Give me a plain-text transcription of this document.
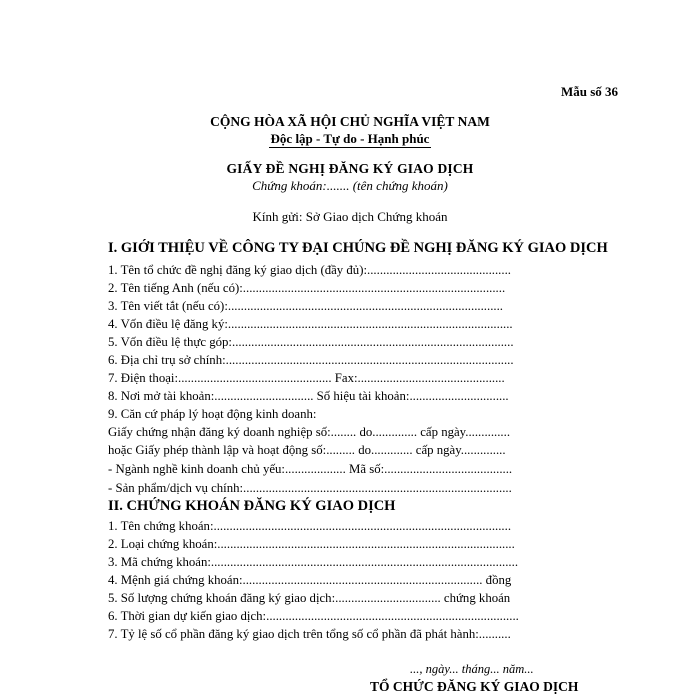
Mẫu số 36
CỘNG HÒA XÃ HỘI CHỦ NGHĨA VIỆT NAM
Độc lập - Tự do - Hạnh phúc
GIẤY ĐỀ NGHỊ ĐĂNG KÝ GIAO DỊCH
Chứng khoán:....... (tên chứng khoán)
Kính gửi: Sở Giao dịch Chứng khoán
I. GIỚI THIỆU VỀ CÔNG TY ĐẠI CHÚNG ĐỀ NGHỊ ĐĂNG KÝ GIAO DỊCH
1. Tên tổ chức đề nghị đăng ký giao dịch (đầy đủ):.............................................
2. Tên tiếng Anh (nếu có):..................................................................................
3. Tên viết tắt (nếu có):......................................................................................
4. Vốn điều lệ đăng ký:.........................................................................................
5. Vốn điều lệ thực góp:........................................................................................
6. Địa chỉ trụ sở chính:..........................................................................................
7. Điện thoại:................................................ Fax:..............................................
8. Nơi mở tài khoản:............................... Số hiệu tài khoản:...............................
9. Căn cứ pháp lý hoạt động kinh doanh:
Giấy chứng nhận đăng ký doanh nghiệp số:........ do.............. cấp ngày..............
hoặc Giấy phép thành lập và hoạt động số:......... do............. cấp ngày..............
- Ngành nghề kinh doanh chủ yếu:................... Mã số:........................................
- Sản phẩm/dịch vụ chính:....................................................................................
II. CHỨNG KHOÁN ĐĂNG KÝ GIAO DỊCH
1. Tên chứng khoán:.............................................................................................
2. Loại chứng khoán:.............................................................................................
3. Mã chứng khoán:................................................................................................
4. Mệnh giá chứng khoán:........................................................................... đồng
5. Số lượng chứng khoán đăng ký giao dịch:................................. chứng khoán
6. Thời gian dự kiến giao dịch:...............................................................................
7. Tỷ lệ số cổ phần đăng ký giao dịch trên tổng số cổ phần đã phát hành:..........
..., ngày... tháng... năm...
TỔ CHỨC ĐĂNG KÝ GIAO DỊCH
